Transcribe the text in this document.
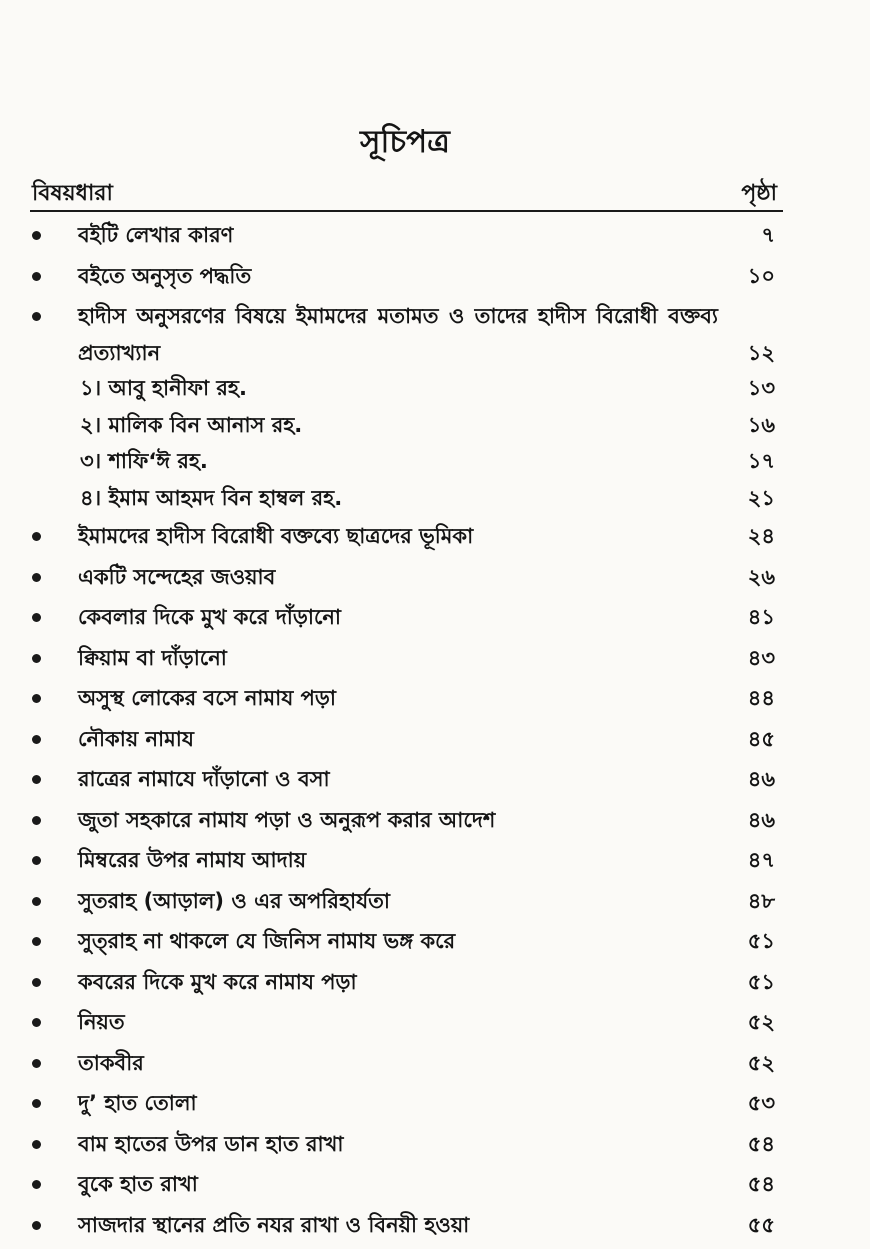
সূচিপত্র
বিষয়ধারা	পৃষ্ঠা
বইটি লেখার কারণ	৭
বইতে অনুসৃত পদ্ধতি	১০
হাদীস অনুসরণের বিষয়ে ইমামদের মতামত ও তাদের হাদীস বিরোধী বক্তব্য প্রত্যাখ্যান	১২
১। আবু হানীফা রহ.	১৩
২। মালিক বিন আনাস রহ.	১৬
৩। শাফি‘ঈ রহ.	১৭
৪। ইমাম আহমদ বিন হাম্বল রহ.	২১
ইমামদের হাদীস বিরোধী বক্তব্যে ছাত্রদের ভূমিকা	২৪
একটি সন্দেহের জওয়াব	২৬
কেবলার দিকে মুখ করে দাঁড়ানো	৪১
ক্বিয়াম বা দাঁড়ানো	৪৩
অসুস্থ লোকের বসে নামায পড়া	৪৪
নৌকায় নামায	৪৫
রাত্রের নামাযে দাঁড়ানো ও বসা	৪৬
জুতা সহকারে নামায পড়া ও অনুরূপ করার আদেশ	৪৬
মিম্বরের উপর নামায আদায়	৪৭
সুতরাহ (আড়াল) ও এর অপরিহার্যতা	৪৮
সুত্‌রাহ না থাকলে যে জিনিস নামায ভঙ্গ করে	৫১
কবরের দিকে মুখ করে নামায পড়া	৫১
নিয়ত	৫২
তাকবীর	৫২
দু’ হাত তোলা	৫৩
বাম হাতের উপর ডান হাত রাখা	৫৪
বুকে হাত রাখা	৫৪
সাজদার স্থানের প্রতি নযর রাখা ও বিনয়ী হওয়া	৫৫
